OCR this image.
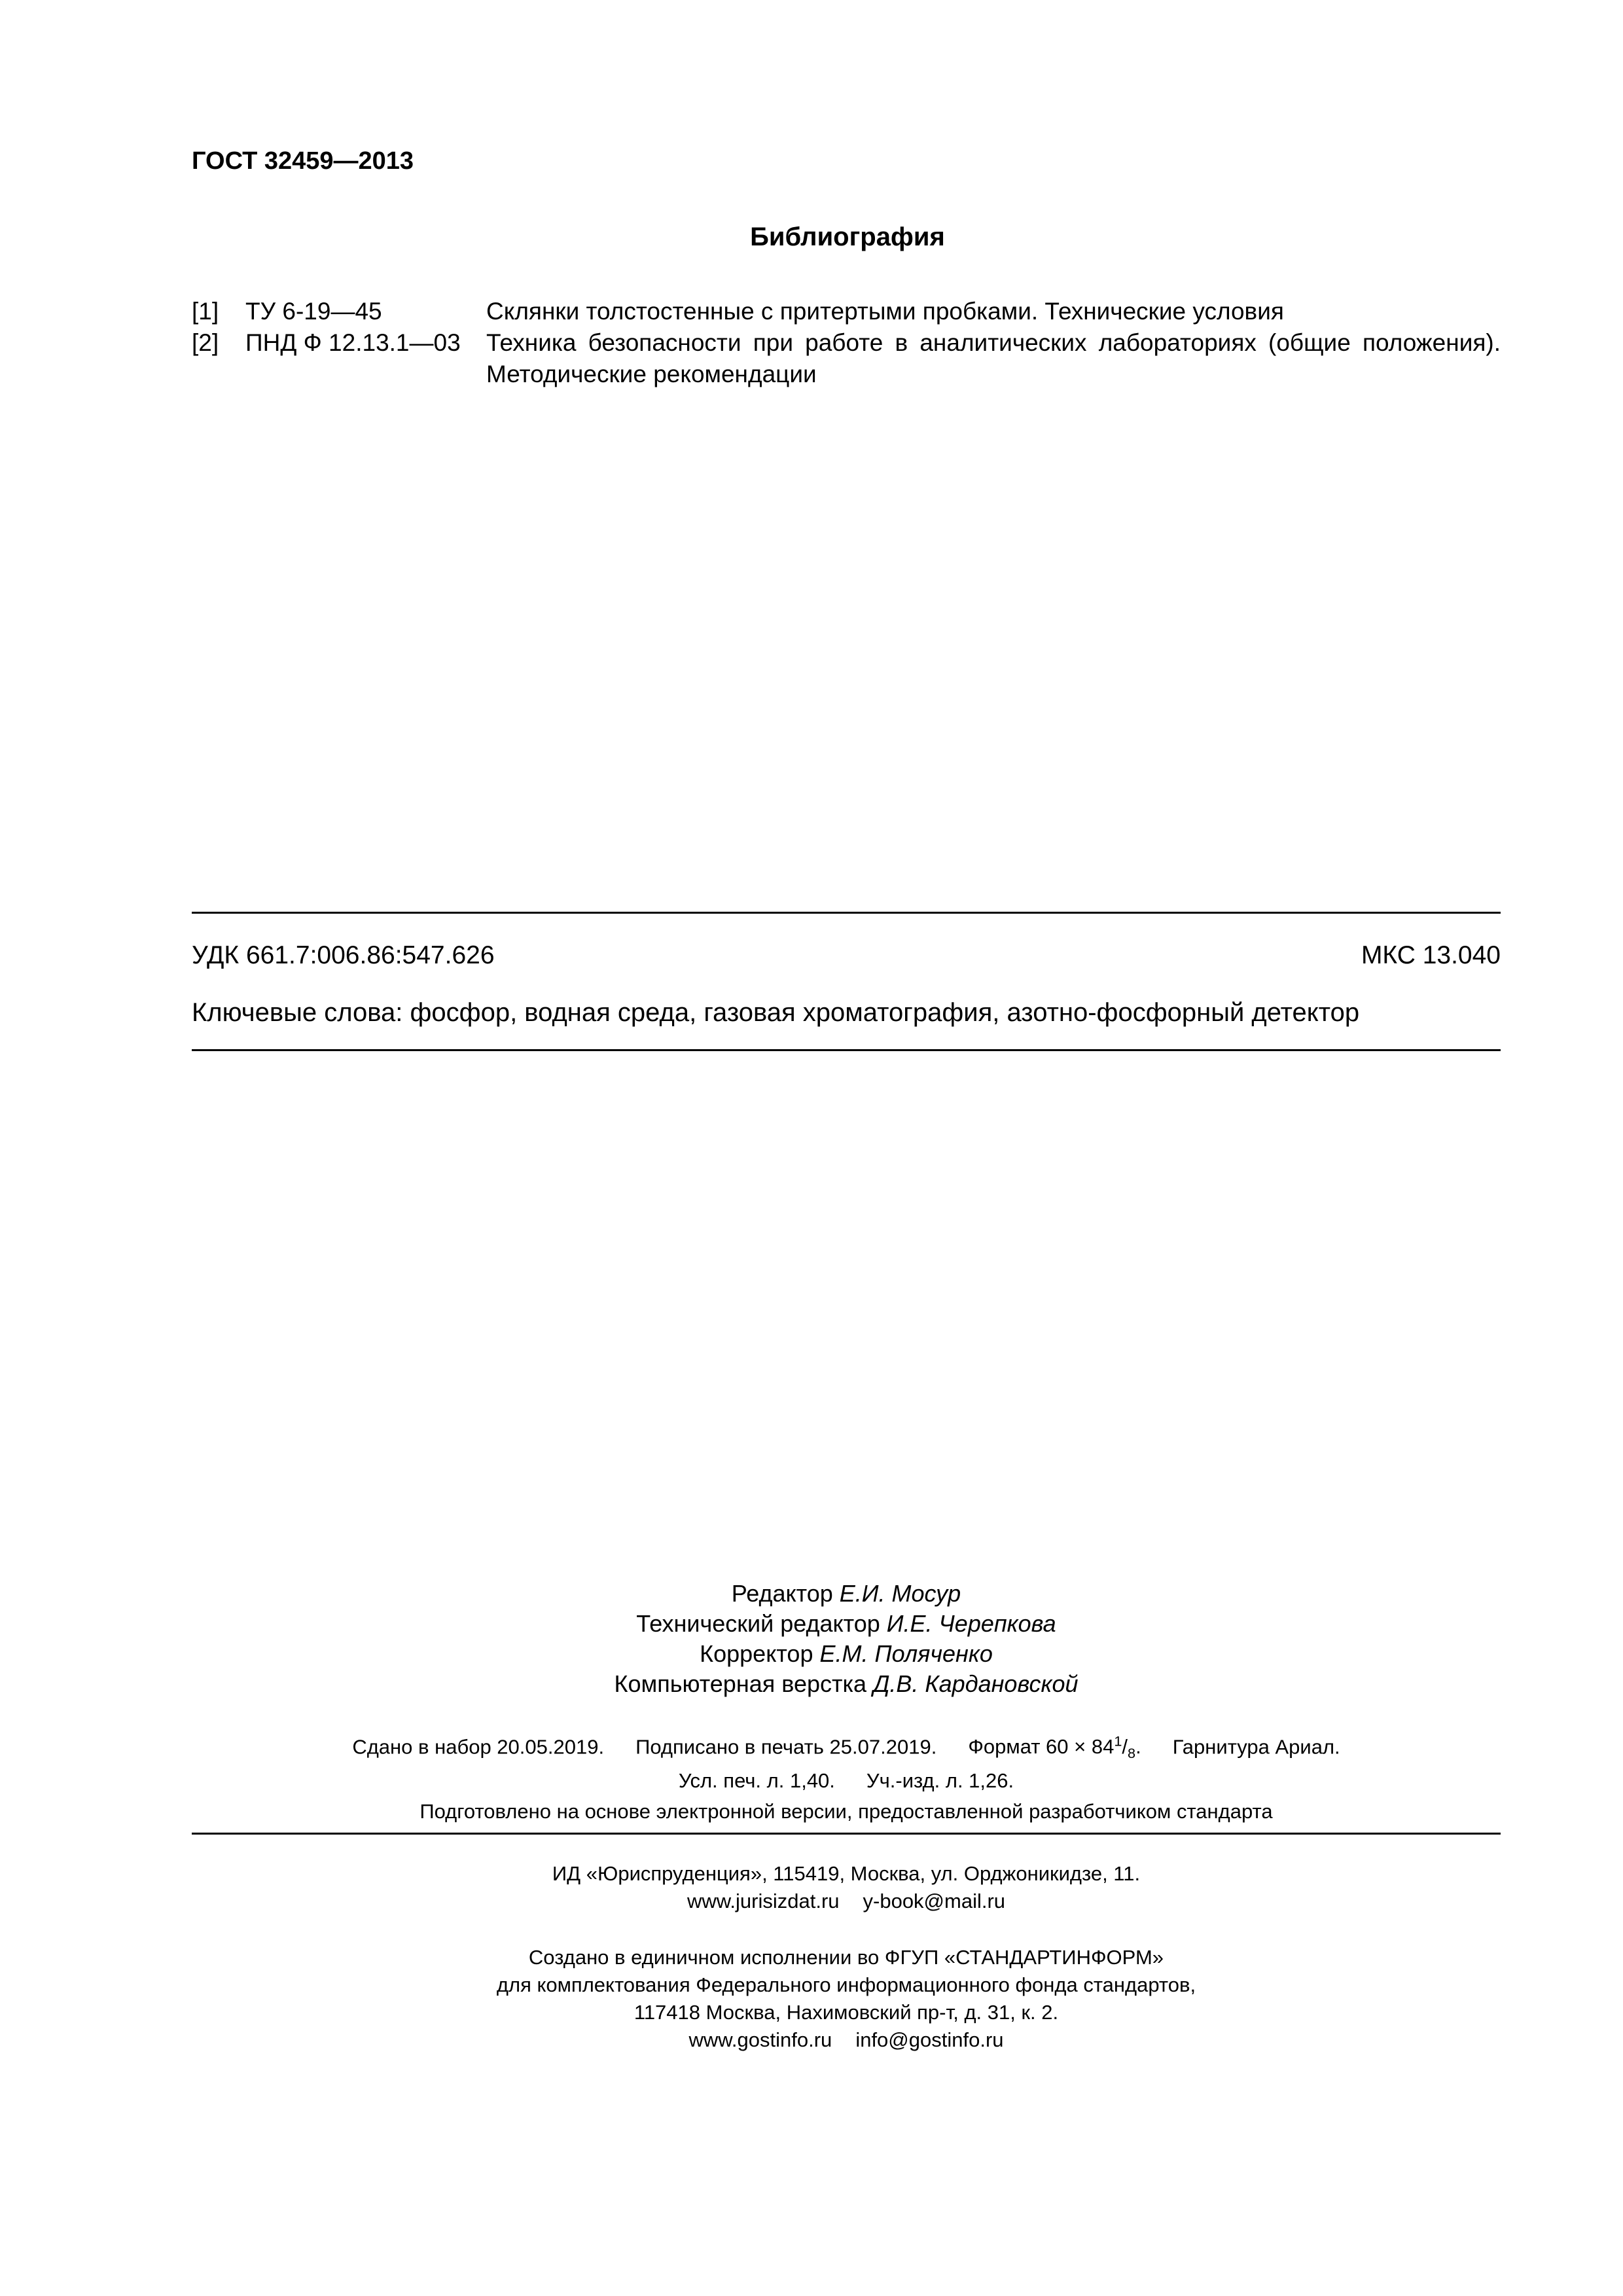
ГОСТ 32459—2013
Библиография
[1] ТУ 6-19—45	Склянки толстостенные с притертыми пробками. Технические условия
[2] ПНД Ф 12.13.1—03 Техника безопасности при работе в аналитических лабораториях (общие положения). Методические рекомендации
УДК 661.7:006.86:547.626	МКС 13.040
Ключевые слова: фосфор, водная среда, газовая хроматография, азотно-фосфорный детектор
Редактор Е.И. Мосур
Технический редактор И.Е. Черепкова
Корректор Е.М. Поляченко
Компьютерная верстка Д.В. Кардановской
Сдано в набор 20.05.2019. Подписано в печать 25.07.2019. Формат $60 \times 84^1/_8$. Гарнитура Ариал.
Усл. печ. л. 1,40. Уч.-изд. л. 1,26.
Подготовлено на основе электронной версии, предоставленной разработчиком стандарта
ИД «Юриспруденция», 115419, Москва, ул. Орджоникидзе, 11.
www.jurisizdat.ru y-book@mail.ru
Создано в единичном исполнении во ФГУП «СТАНДАРТИНФОРМ»
для комплектования Федерального информационного фонда стандартов,
117418 Москва, Нахимовский пр-т, д. 31, к. 2.
www.gostinfo.ru info@gostinfo.ru
